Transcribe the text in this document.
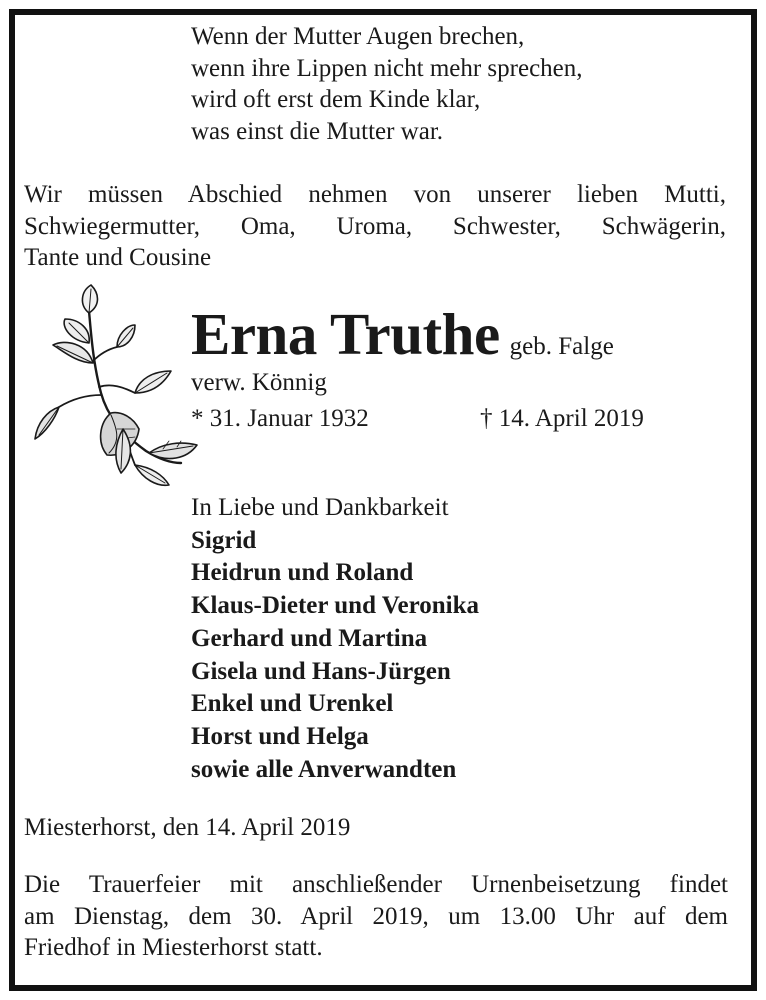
Wenn der Mutter Augen brechen,
wenn ihre Lippen nicht mehr sprechen,
wird oft erst dem Kinde klar,
was einst die Mutter war.
Wir müssen Abschied nehmen von unserer lieben Mutti,
Schwiegermutter, Oma, Uroma, Schwester, Schwägerin,
Tante und Cousine
Erna Truthe geb. Falge
verw. Könnig
* 31. Januar 1932	† 14. April 2019
In Liebe und Dankbarkeit
Sigrid
Heidrun und Roland
Klaus-Dieter und Veronika
Gerhard und Martina
Gisela und Hans-Jürgen
Enkel und Urenkel
Horst und Helga
sowie alle Anverwandten
Miesterhorst, den 14. April 2019
Die Trauerfeier mit anschließender Urnenbeisetzung findet
am Dienstag, dem 30. April 2019, um 13.00 Uhr auf dem
Friedhof in Miesterhorst statt.
